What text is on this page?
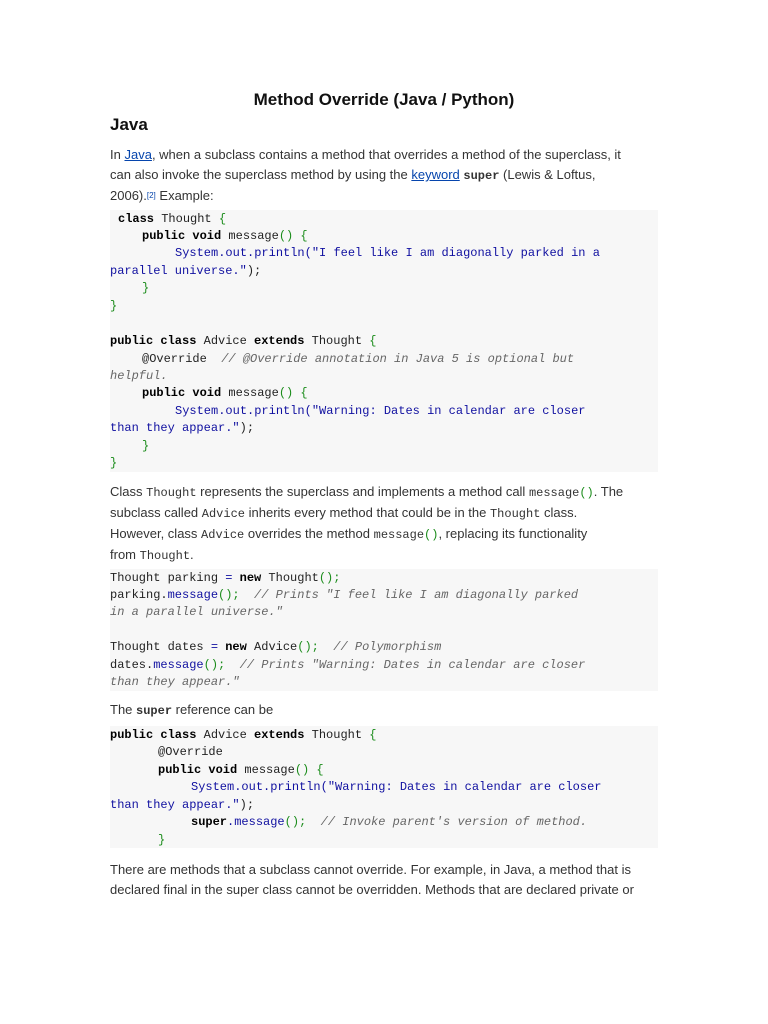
Method Override (Java / Python)
Java

In Java, when a subclass contains a method that overrides a method of the superclass, it

can also invoke the superclass method by using the keyword super (Lewis & Loftus,

2006).[2] Example:

class Thought {
public void message() {
System.out.println("I feel like I am diagonally parked in a
parallel universe.");
}
}
public class Advice extends Thought {
@Override  // @Override annotation in Java 5 is optional but
helpful.
public void message() {
System.out.println("Warning: Dates in calendar are closer
than they appear.");
}
}

Class Thought represents the superclass and implements a method call message(). The

subclass called Advice inherits every method that could be in the Thought class.

However, class Advice overrides the method message(), replacing its functionality

from Thought.

Thought parking = new Thought();
parking.message();  // Prints "I feel like I am diagonally parked
in a parallel universe."
Thought dates = new Advice();  // Polymorphism
dates.message();  // Prints "Warning: Dates in calendar are closer
than they appear."

The super reference can be

public class Advice extends Thought {
@Override
public void message() {
System.out.println("Warning: Dates in calendar are closer
than they appear.");
super.message();  // Invoke parent's version of method.
}

There are methods that a subclass cannot override. For example, in Java, a method that is

declared final in the super class cannot be overridden. Methods that are declared private or
